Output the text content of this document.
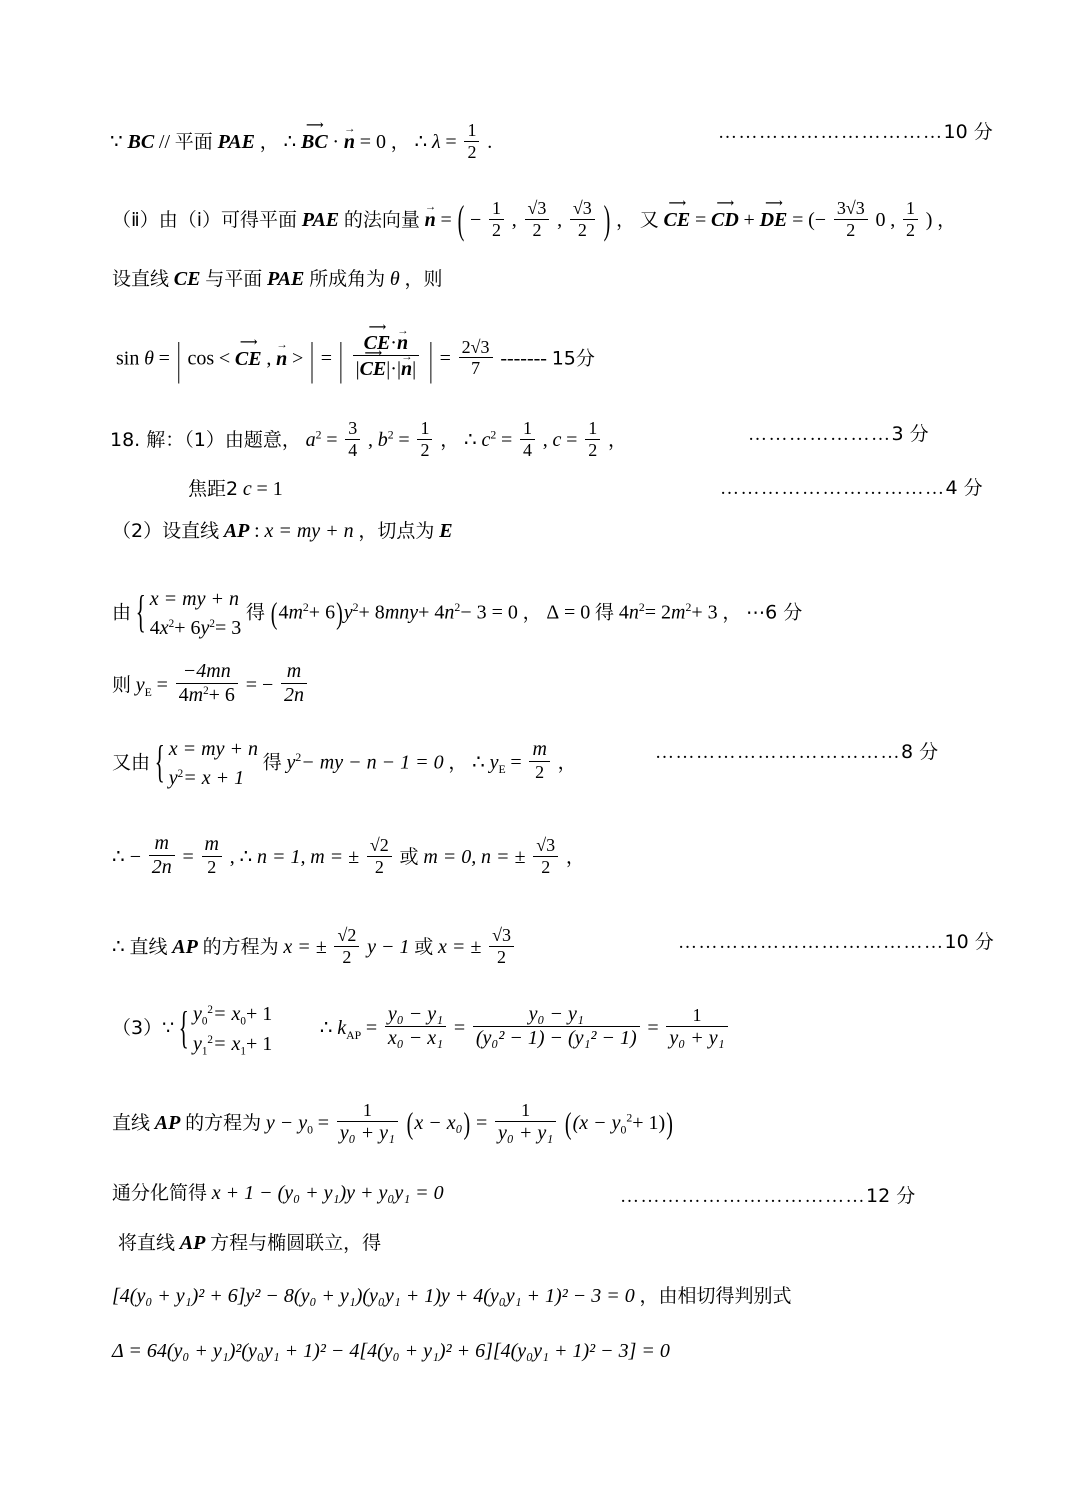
∵ BC // 平面 PAE ， ∴ BC ⟶ · n → = 0 ， ∴ $\lambda = \frac{1}{2}$ .	……………………………10 分
（ⅱ）由（ⅰ）可得平面 PAE 的法向量 n → = ( − $\frac{1}{2}$ , $\frac{√3}{2}$ , $\frac{√3}{2}$ ) ， 又 CE ⟶ = CD ⟶ + DE ⟶ = (− $\frac{3√3}{2} 0$ , $\frac{1}{2}$ ) ，
设直线 CE 与平面 PAE 所成角为 θ ，则
sin θ = | cos < CE ⟶ , n → > | = | $\frac{CE ⟶\cdot n \to}{|CE ⟶|\cdot|n \to|}$ | = $\frac{2√3}{7}$ ------- 15分
18. 解：（1）由题意， $a^2 = \frac{3}{4}$ , $b^2 = \frac{1}{2}$ ， ∴ $c^2 = \frac{1}{4}$ , $c = \frac{1}{2}$ ，	…………………3 分
焦距2 c = 1	……………………………4 分
（2）设直线 AP : x = my + n ，切点为 E
由
{ x = my + n
$4x^2+ 6y^2= 3$
得 $(4m^2+ 6)y^2+ 8mny+ 4n^2- 3 = 0$ ， Δ = 0 得 $4n^2= 2m^2+ 3$ ， ⋯6 分
则 $y_E = \frac{-4mn}{4m^2+ 6}$ = − $\frac{m}{2n}$
又由
{ x = my + n
$y^2= x + 1$
得 $y^2-$ my − n − 1 = 0 ， ∴ $y_E = \frac{m}{2}$ ，	………………………………8 分
∴ − $\frac{m}{2n} = \frac{m}{2}$ , ∴ n = 1, m = ± $\frac{√2}{2}$ 或 m = 0, n = ± $\frac{√3}{2}$ ，
∴ 直线 AP 的方程为 x = ± $\frac{√2}{2}$ y − 1 或 x = ± $\frac{√3}{2}$	…………………………………10 分
（3）∵
{ $y_0^2= x_0+ 1$
$y_1^2= x_1+ 1$
∴ $k_{AP} = \frac{\text{y₀ − y₁}}{\text{x₀ − x₁}} = \frac{\text{y₀ − y₁}}{\text{(y₀² − 1) − (y₁² − 1)}} = \frac{1}{\text{y₀ + y₁}}$
直线 AP 的方程为 $y - y_0 = \frac{1}{\text{y₀ + y₁}} (x - x_0) = \frac{1}{\text{y₀ + y₁}} ((x - y_0^2+ 1))$
通分化简得 x + 1 − (y₀ + y₁)y + y₀y₁ = 0	………………………………12 分
将直线 AP 方程与椭圆联立，得
[4(y₀ + y₁)² + 6]y² − 8(y₀ + y₁)(y₀y₁ + 1)y + 4(y₀y₁ + 1)² − 3 = 0 ，由相切得判别式
Δ = 64(y₀ + y₁)²(y₀y₁ + 1)² − 4[4(y₀ + y₁)² + 6][4(y₀y₁ + 1)² − 3] = 0
